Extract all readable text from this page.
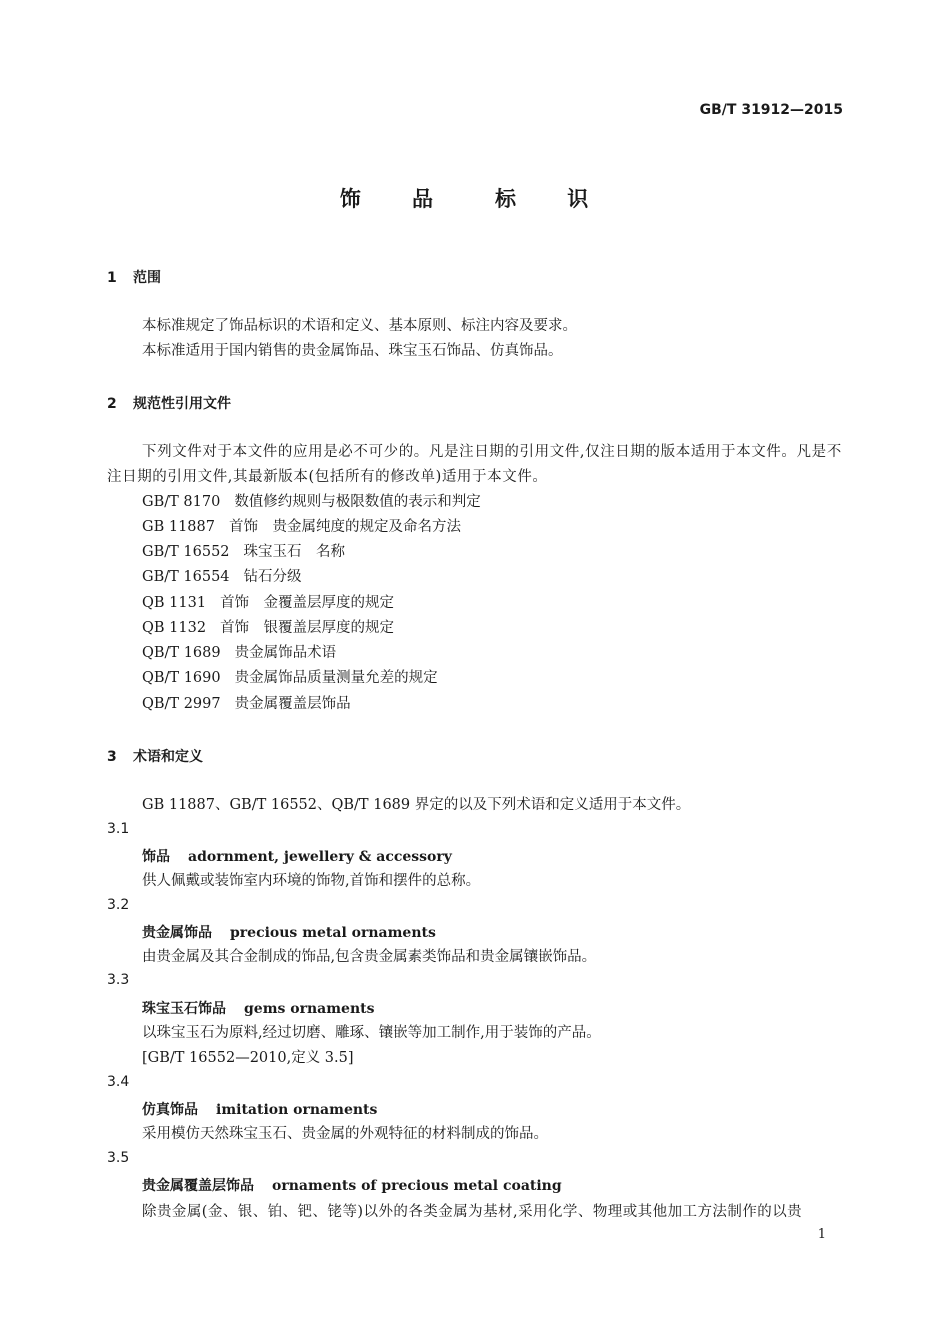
GB/T 31912—2015
饰 品 标 识
1 范围
本标准规定了饰品标识的术语和定义、基本原则、标注内容及要求。
本标准适用于国内销售的贵金属饰品、珠宝玉石饰品、仿真饰品。
2 规范性引用文件
下列文件对于本文件的应用是必不可少的。凡是注日期的引用文件,仅注日期的版本适用于本文件。凡是不注日期的引用文件,其最新版本(包括所有的修改单)适用于本文件。
GB/T 8170 数值修约规则与极限数值的表示和判定
GB 11887 首饰　贵金属纯度的规定及命名方法
GB/T 16552 珠宝玉石　名称
GB/T 16554 钻石分级
QB 1131 首饰　金覆盖层厚度的规定
QB 1132 首饰　银覆盖层厚度的规定
QB/T 1689 贵金属饰品术语
QB/T 1690 贵金属饰品质量测量允差的规定
QB/T 2997 贵金属覆盖层饰品
3 术语和定义
GB 11887、GB/T 16552、QB/T 1689 界定的以及下列术语和定义适用于本文件。
3.1
饰品 adornment, jewellery & accessory
供人佩戴或装饰室内环境的饰物,首饰和摆件的总称。
3.2
贵金属饰品 precious metal ornaments
由贵金属及其合金制成的饰品,包含贵金属素类饰品和贵金属镶嵌饰品。
3.3
珠宝玉石饰品 gems ornaments
以珠宝玉石为原料,经过切磨、雕琢、镶嵌等加工制作,用于装饰的产品。
[GB/T 16552—2010,定义 3.5]
3.4
仿真饰品 imitation ornaments
采用模仿天然珠宝玉石、贵金属的外观特征的材料制成的饰品。
3.5
贵金属覆盖层饰品 ornaments of precious metal coating
除贵金属(金、银、铂、钯、铑等)以外的各类金属为基材,采用化学、物理或其他加工方法制作的以贵
1
